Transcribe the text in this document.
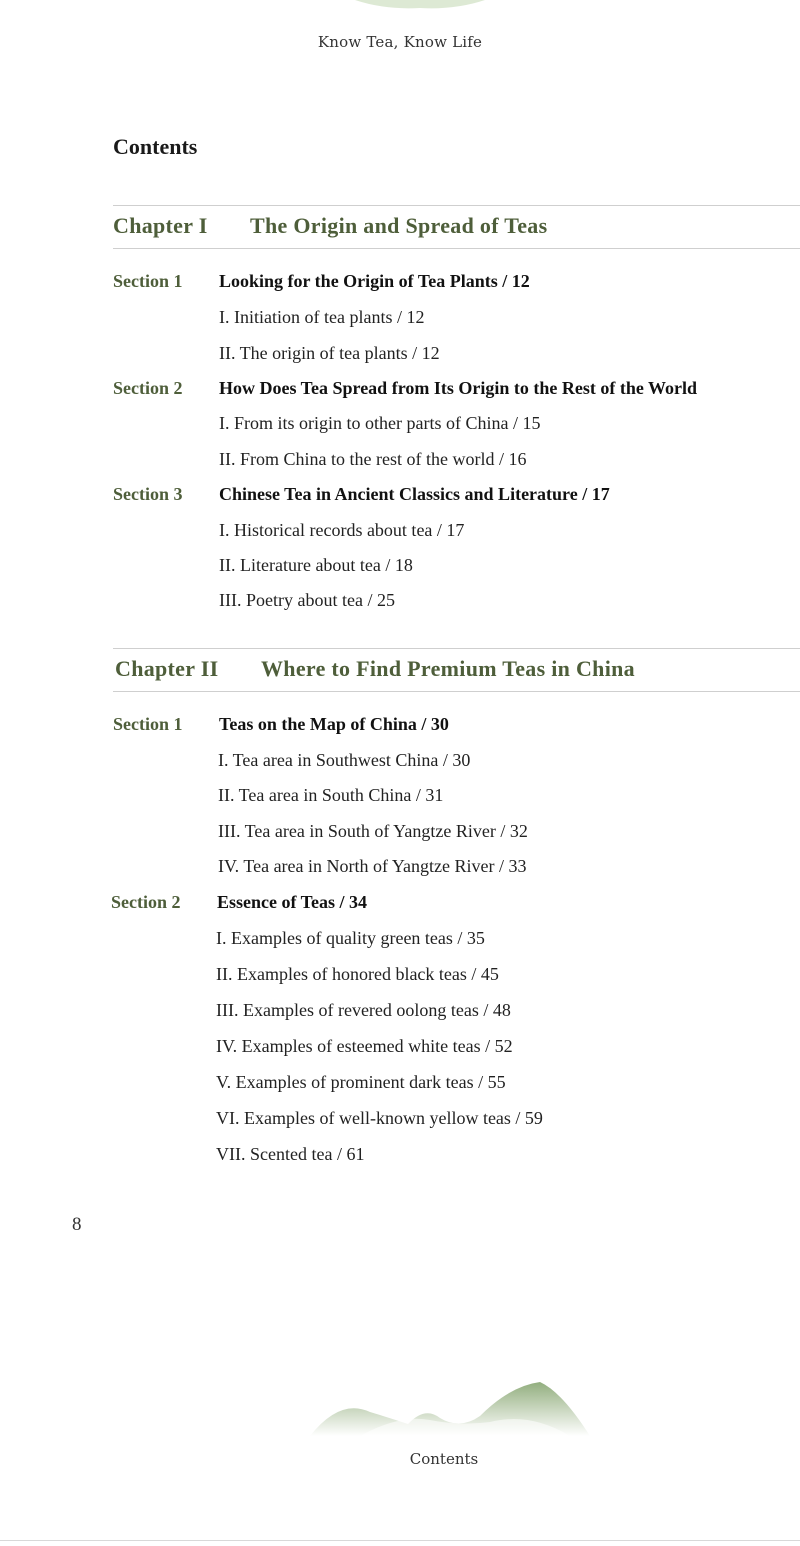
Know Tea, Know Life
Contents
Chapter I The Origin and Spread of Teas
Section 1 Looking for the Origin of Tea Plants / 12
I. Initiation of tea plants / 12
II. The origin of tea plants / 12
Section 2 How Does Tea Spread from Its Origin to the Rest of the World
I. From its origin to other parts of China / 15
II. From China to the rest of the world / 16
Section 3 Chinese Tea in Ancient Classics and Literature / 17
I. Historical records about tea / 17
II. Literature about tea / 18
III. Poetry about tea / 25
Chapter II Where to Find Premium Teas in China
Section 1 Teas on the Map of China / 30
I. Tea area in Southwest China / 30
II. Tea area in South China / 31
III. Tea area in South of Yangtze River / 32
IV. Tea area in North of Yangtze River / 33
Section 2 Essence of Teas / 34
I. Examples of quality green teas / 35
II. Examples of honored black teas / 45
III. Examples of revered oolong teas / 48
IV. Examples of esteemed white teas / 52
V. Examples of prominent dark teas / 55
VI. Examples of well-known yellow teas / 59
VII. Scented tea / 61
8
Contents
